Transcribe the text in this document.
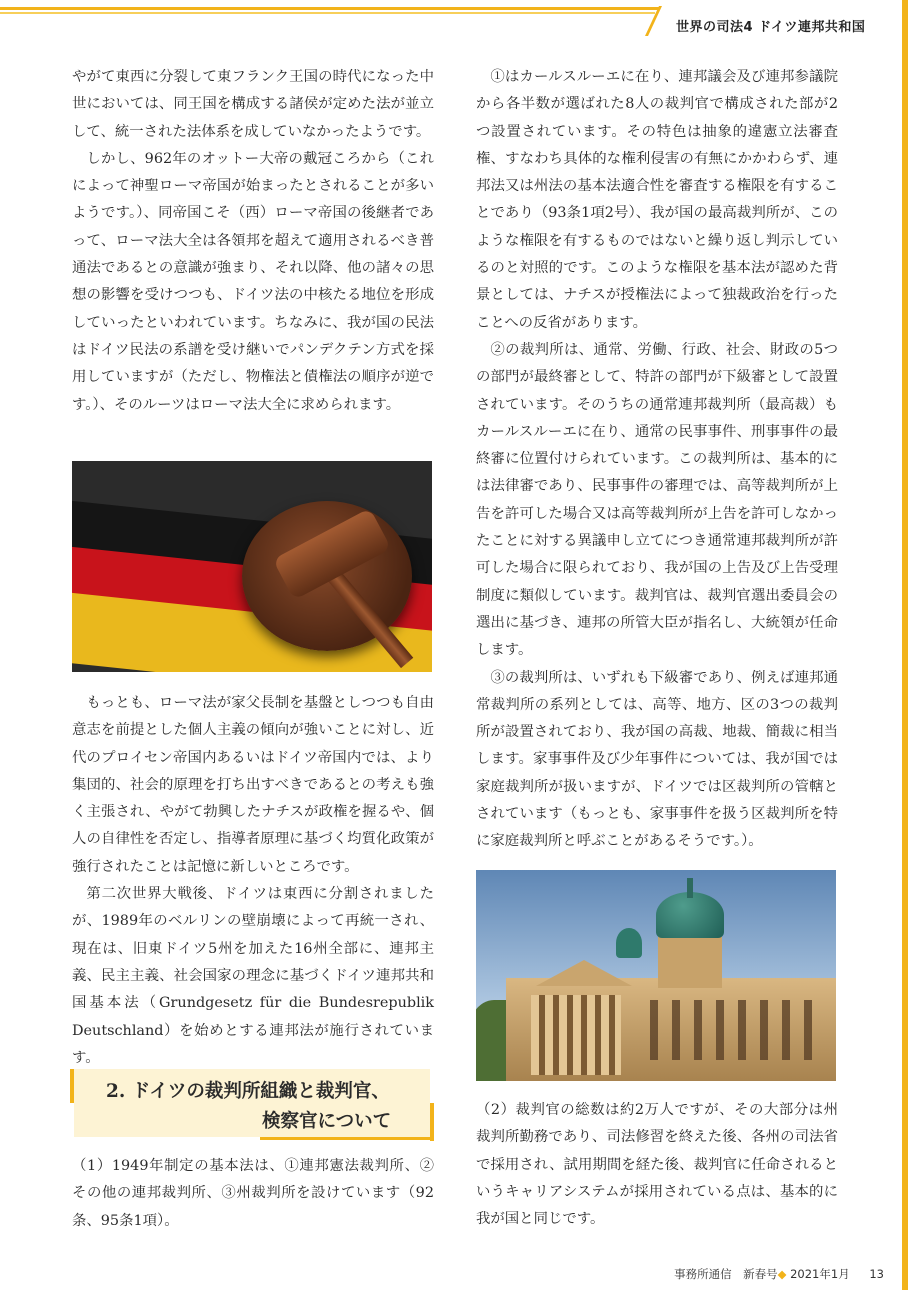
世界の司法4 ドイツ連邦共和国

やがて東西に分裂して東フランク王国の時代になった中世においては、同王国を構成する諸侯が定めた法が並立して、統一された法体系を成していなかったようです。

しかし、962年のオットー大帝の戴冠ころから（これによって神聖ローマ帝国が始まったとされることが多いようです。）、同帝国こそ（西）ローマ帝国の後継者であって、ローマ法大全は各領邦を超えて適用されるべき普通法であるとの意識が強まり、それ以降、他の諸々の思想の影響を受けつつも、ドイツ法の中核たる地位を形成していったといわれています。ちなみに、我が国の民法はドイツ民法の系譜を受け継いでパンデクテン方式を採用していますが（ただし、物権法と債権法の順序が逆です。）、そのルーツはローマ法大全に求められます。

もっとも、ローマ法が家父長制を基盤としつつも自由意志を前提とした個人主義の傾向が強いことに対し、近代のプロイセン帝国内あるいはドイツ帝国内では、より集団的、社会的原理を打ち出すべきであるとの考えも強く主張され、やがて勃興したナチスが政権を握るや、個人の自律性を否定し、指導者原理に基づく均質化政策が強行されたことは記憶に新しいところです。

第二次世界大戦後、ドイツは東西に分割されましたが、1989年のベルリンの壁崩壊によって再統一され、現在は、旧東ドイツ5州を加えた16州全部に、連邦主義、民主主義、社会国家の理念に基づくドイツ連邦共和国基本法（Grundgesetz für die Bundesrepublik Deutschland）を始めとする連邦法が施行されています。

2. ドイツの裁判所組織と裁判官、
検察官について

（1）1949年制定の基本法は、①連邦憲法裁判所、②その他の連邦裁判所、③州裁判所を設けています（92条、95条1項）。

①はカールスルーエに在り、連邦議会及び連邦参議院から各半数が選ばれた8人の裁判官で構成された部が2つ設置されています。その特色は抽象的違憲立法審査権、すなわち具体的な権利侵害の有無にかかわらず、連邦法又は州法の基本法適合性を審査する権限を有することであり（93条1項2号）、我が国の最高裁判所が、このような権限を有するものではないと繰り返し判示しているのと対照的です。このような権限を基本法が認めた背景としては、ナチスが授権法によって独裁政治を行ったことへの反省があります。

②の裁判所は、通常、労働、行政、社会、財政の5つの部門が最終審として、特許の部門が下級審として設置されています。そのうちの通常連邦裁判所（最高裁）もカールスルーエに在り、通常の民事事件、刑事事件の最終審に位置付けられています。この裁判所は、基本的には法律審であり、民事事件の審理では、高等裁判所が上告を許可した場合又は高等裁判所が上告を許可しなかったことに対する異議申し立てにつき通常連邦裁判所が許可した場合に限られており、我が国の上告及び上告受理制度に類似しています。裁判官は、裁判官選出委員会の選出に基づき、連邦の所管大臣が指名し、大統領が任命します。

③の裁判所は、いずれも下級審であり、例えば連邦通常裁判所の系列としては、高等、地方、区の3つの裁判所が設置されており、我が国の高裁、地裁、簡裁に相当します。家事事件及び少年事件については、我が国では家庭裁判所が扱いますが、ドイツでは区裁判所の管轄とされています（もっとも、家事事件を扱う区裁判所を特に家庭裁判所と呼ぶことがあるそうです。）。

（2）裁判官の総数は約2万人ですが、その大部分は州裁判所勤務であり、司法修習を終えた後、各州の司法省で採用され、試用期間を経た後、裁判官に任命されるというキャリアシステムが採用されている点は、基本的に我が国と同じです。

事務所通信　新春号◆ 2021年1月 13
